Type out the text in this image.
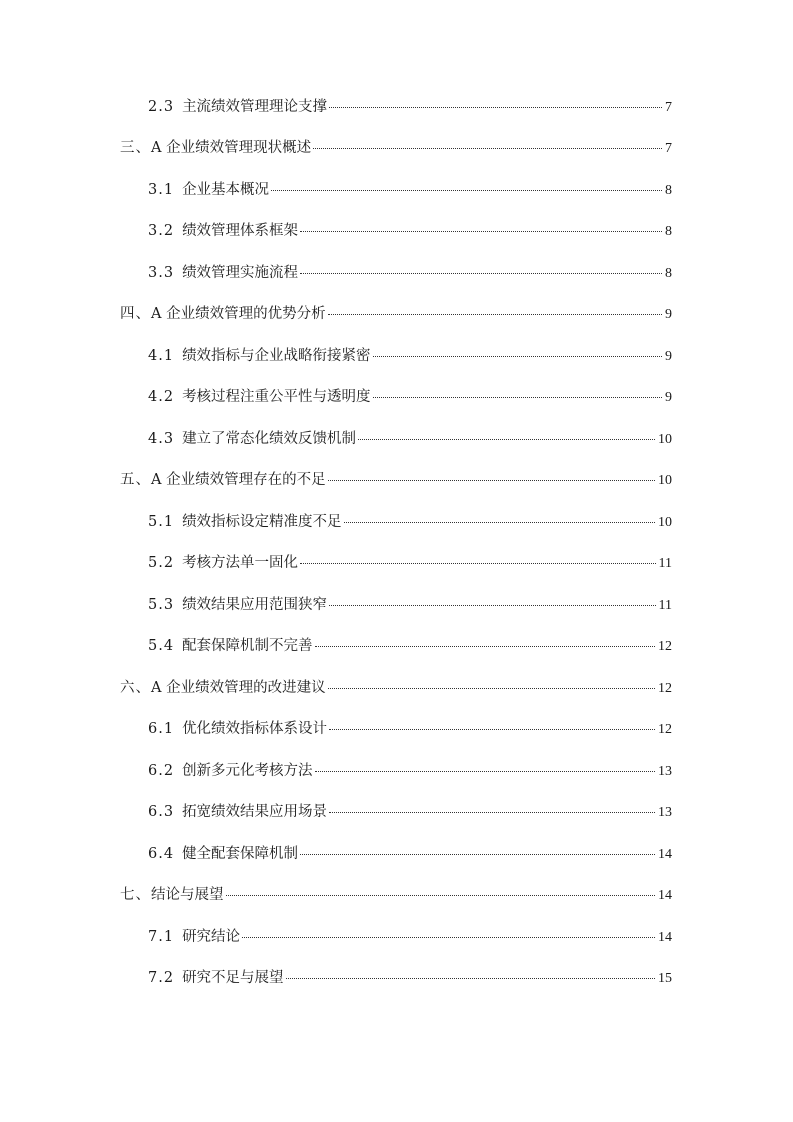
2.3 主流绩效管理理论支撑	7
三、 A 企业绩效管理现状概述	7
3.1 企业基本概况	8
3.2 绩效管理体系框架	8
3.3 绩效管理实施流程	8
四、 A 企业绩效管理的优势分析	9
4.1 绩效指标与企业战略衔接紧密	9
4.2 考核过程注重公平性与透明度	9
4.3 建立了常态化绩效反馈机制	10
五、 A 企业绩效管理存在的不足	10
5.1 绩效指标设定精准度不足	10
5.2 考核方法单一固化	11
5.3 绩效结果应用范围狭窄	11
5.4 配套保障机制不完善	12
六、 A 企业绩效管理的改进建议	12
6.1 优化绩效指标体系设计	12
6.2 创新多元化考核方法	13
6.3 拓宽绩效结果应用场景	13
6.4 健全配套保障机制	14
七、 结论与展望	14
7.1 研究结论	14
7.2 研究不足与展望	15
